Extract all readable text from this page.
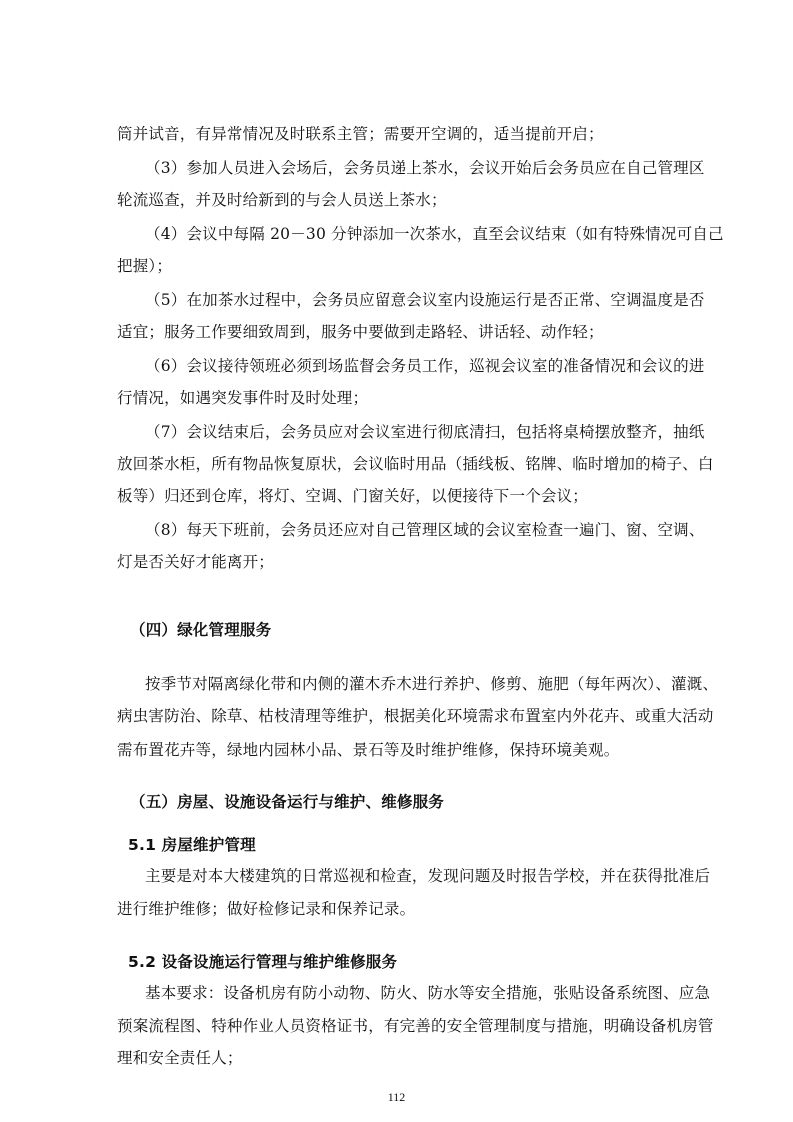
筒并试音，有异常情况及时联系主管；需要开空调的，适当提前开启；
（3）参加人员进入会场后，会务员递上茶水，会议开始后会务员应在自己管理区
轮流巡查，并及时给新到的与会人员送上茶水；
（4）会议中每隔 20－30 分钟添加一次茶水，直至会议结束（如有特殊情况可自己
把握）；
（5）在加茶水过程中，会务员应留意会议室内设施运行是否正常、空调温度是否
适宜；服务工作要细致周到，服务中要做到走路轻、讲话轻、动作轻；
（6）会议接待领班必须到场监督会务员工作，巡视会议室的准备情况和会议的进
行情况，如遇突发事件时及时处理；
（7）会议结束后，会务员应对会议室进行彻底清扫，包括将桌椅摆放整齐，抽纸
放回茶水柜，所有物品恢复原状，会议临时用品（插线板、铭牌、临时增加的椅子、白
板等）归还到仓库，将灯、空调、门窗关好，以便接待下一个会议；
（8）每天下班前，会务员还应对自己管理区域的会议室检查一遍门、窗、空调、
灯是否关好才能离开；
（四）绿化管理服务
按季节对隔离绿化带和内侧的灌木乔木进行养护、修剪、施肥（每年两次）、灌溉、
病虫害防治、除草、枯枝清理等维护，根据美化环境需求布置室内外花卉、或重大活动
需布置花卉等，绿地内园林小品、景石等及时维护维修，保持环境美观。
（五）房屋、设施设备运行与维护、维修服务
5.1 房屋维护管理
主要是对本大楼建筑的日常巡视和检查，发现问题及时报告学校，并在获得批准后
进行维护维修；做好检修记录和保养记录。
5.2 设备设施运行管理与维护维修服务
基本要求：设备机房有防小动物、防火、防水等安全措施，张贴设备系统图、应急
预案流程图、特种作业人员资格证书，有完善的安全管理制度与措施，明确设备机房管
理和安全责任人；
112
